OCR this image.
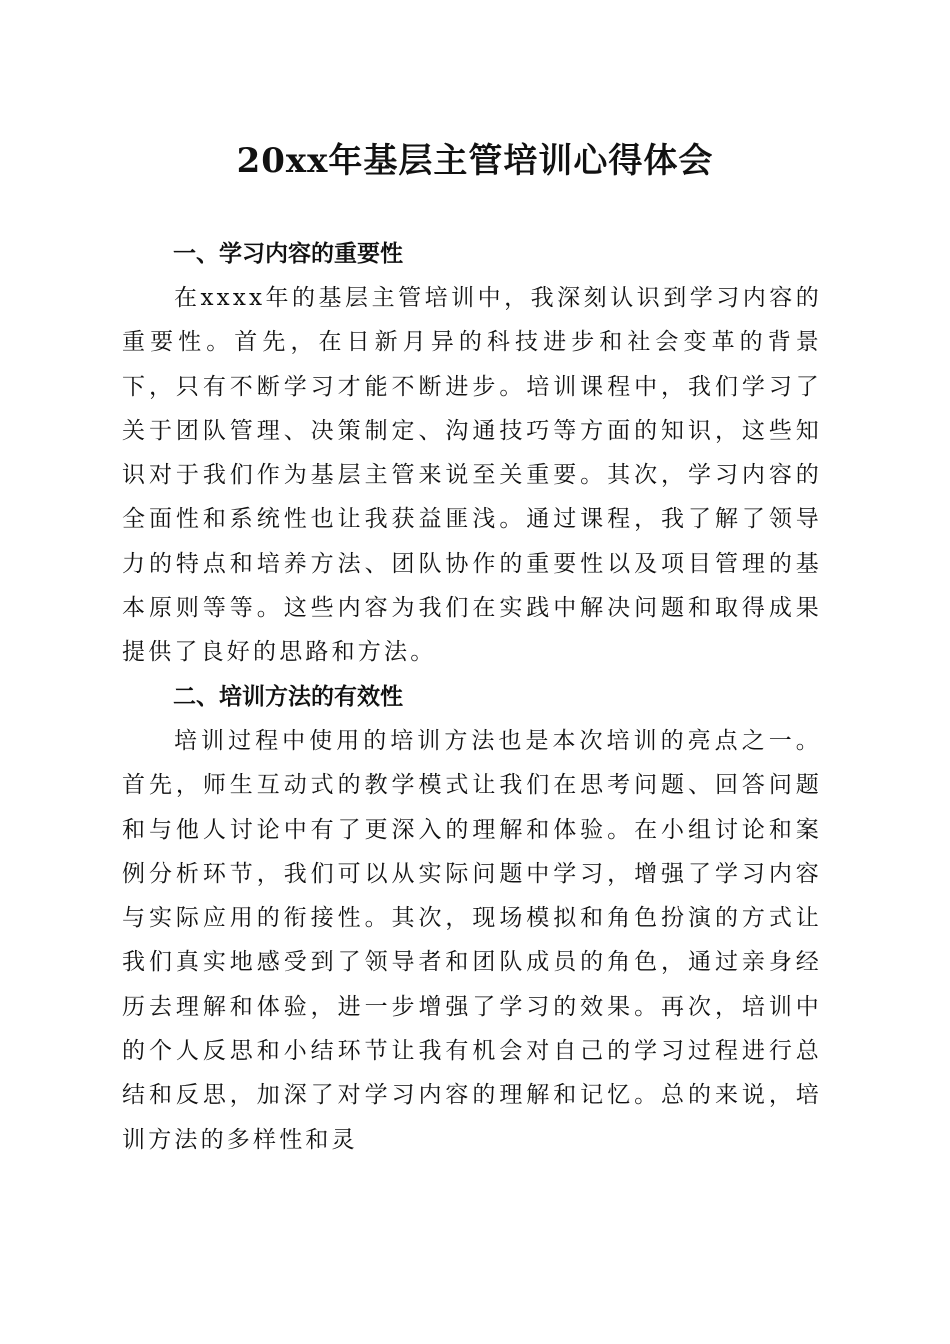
20xx年基层主管培训心得体会
一、学习内容的重要性

在xxxx年的基层主管培训中，我深刻认识到学习内容的重要性。首先，在日新月异的科技进步和社会变革的背景下，只有不断学习才能不断进步。培训课程中，我们学习了关于团队管理、决策制定、沟通技巧等方面的知识，这些知识对于我们作为基层主管来说至关重要。其次，学习内容的全面性和系统性也让我获益匪浅。通过课程，我了解了领导力的特点和培养方法、团队协作的重要性以及项目管理的基本原则等等。这些内容为我们在实践中解决问题和取得成果提供了良好的思路和方法。

二、培训方法的有效性

培训过程中使用的培训方法也是本次培训的亮点之一。首先，师生互动式的教学模式让我们在思考问题、回答问题和与他人讨论中有了更深入的理解和体验。在小组讨论和案例分析环节，我们可以从实际问题中学习，增强了学习内容与实际应用的衔接性。其次，现场模拟和角色扮演的方式让我们真实地感受到了领导者和团队成员的角色，通过亲身经历去理解和体验，进一步增强了学习的效果。再次，培训中的个人反思和小结环节让我有机会对自己的学习过程进行总结和反思，加深了对学习内容的理解和记忆。总的来说，培训方法的多样性和灵
